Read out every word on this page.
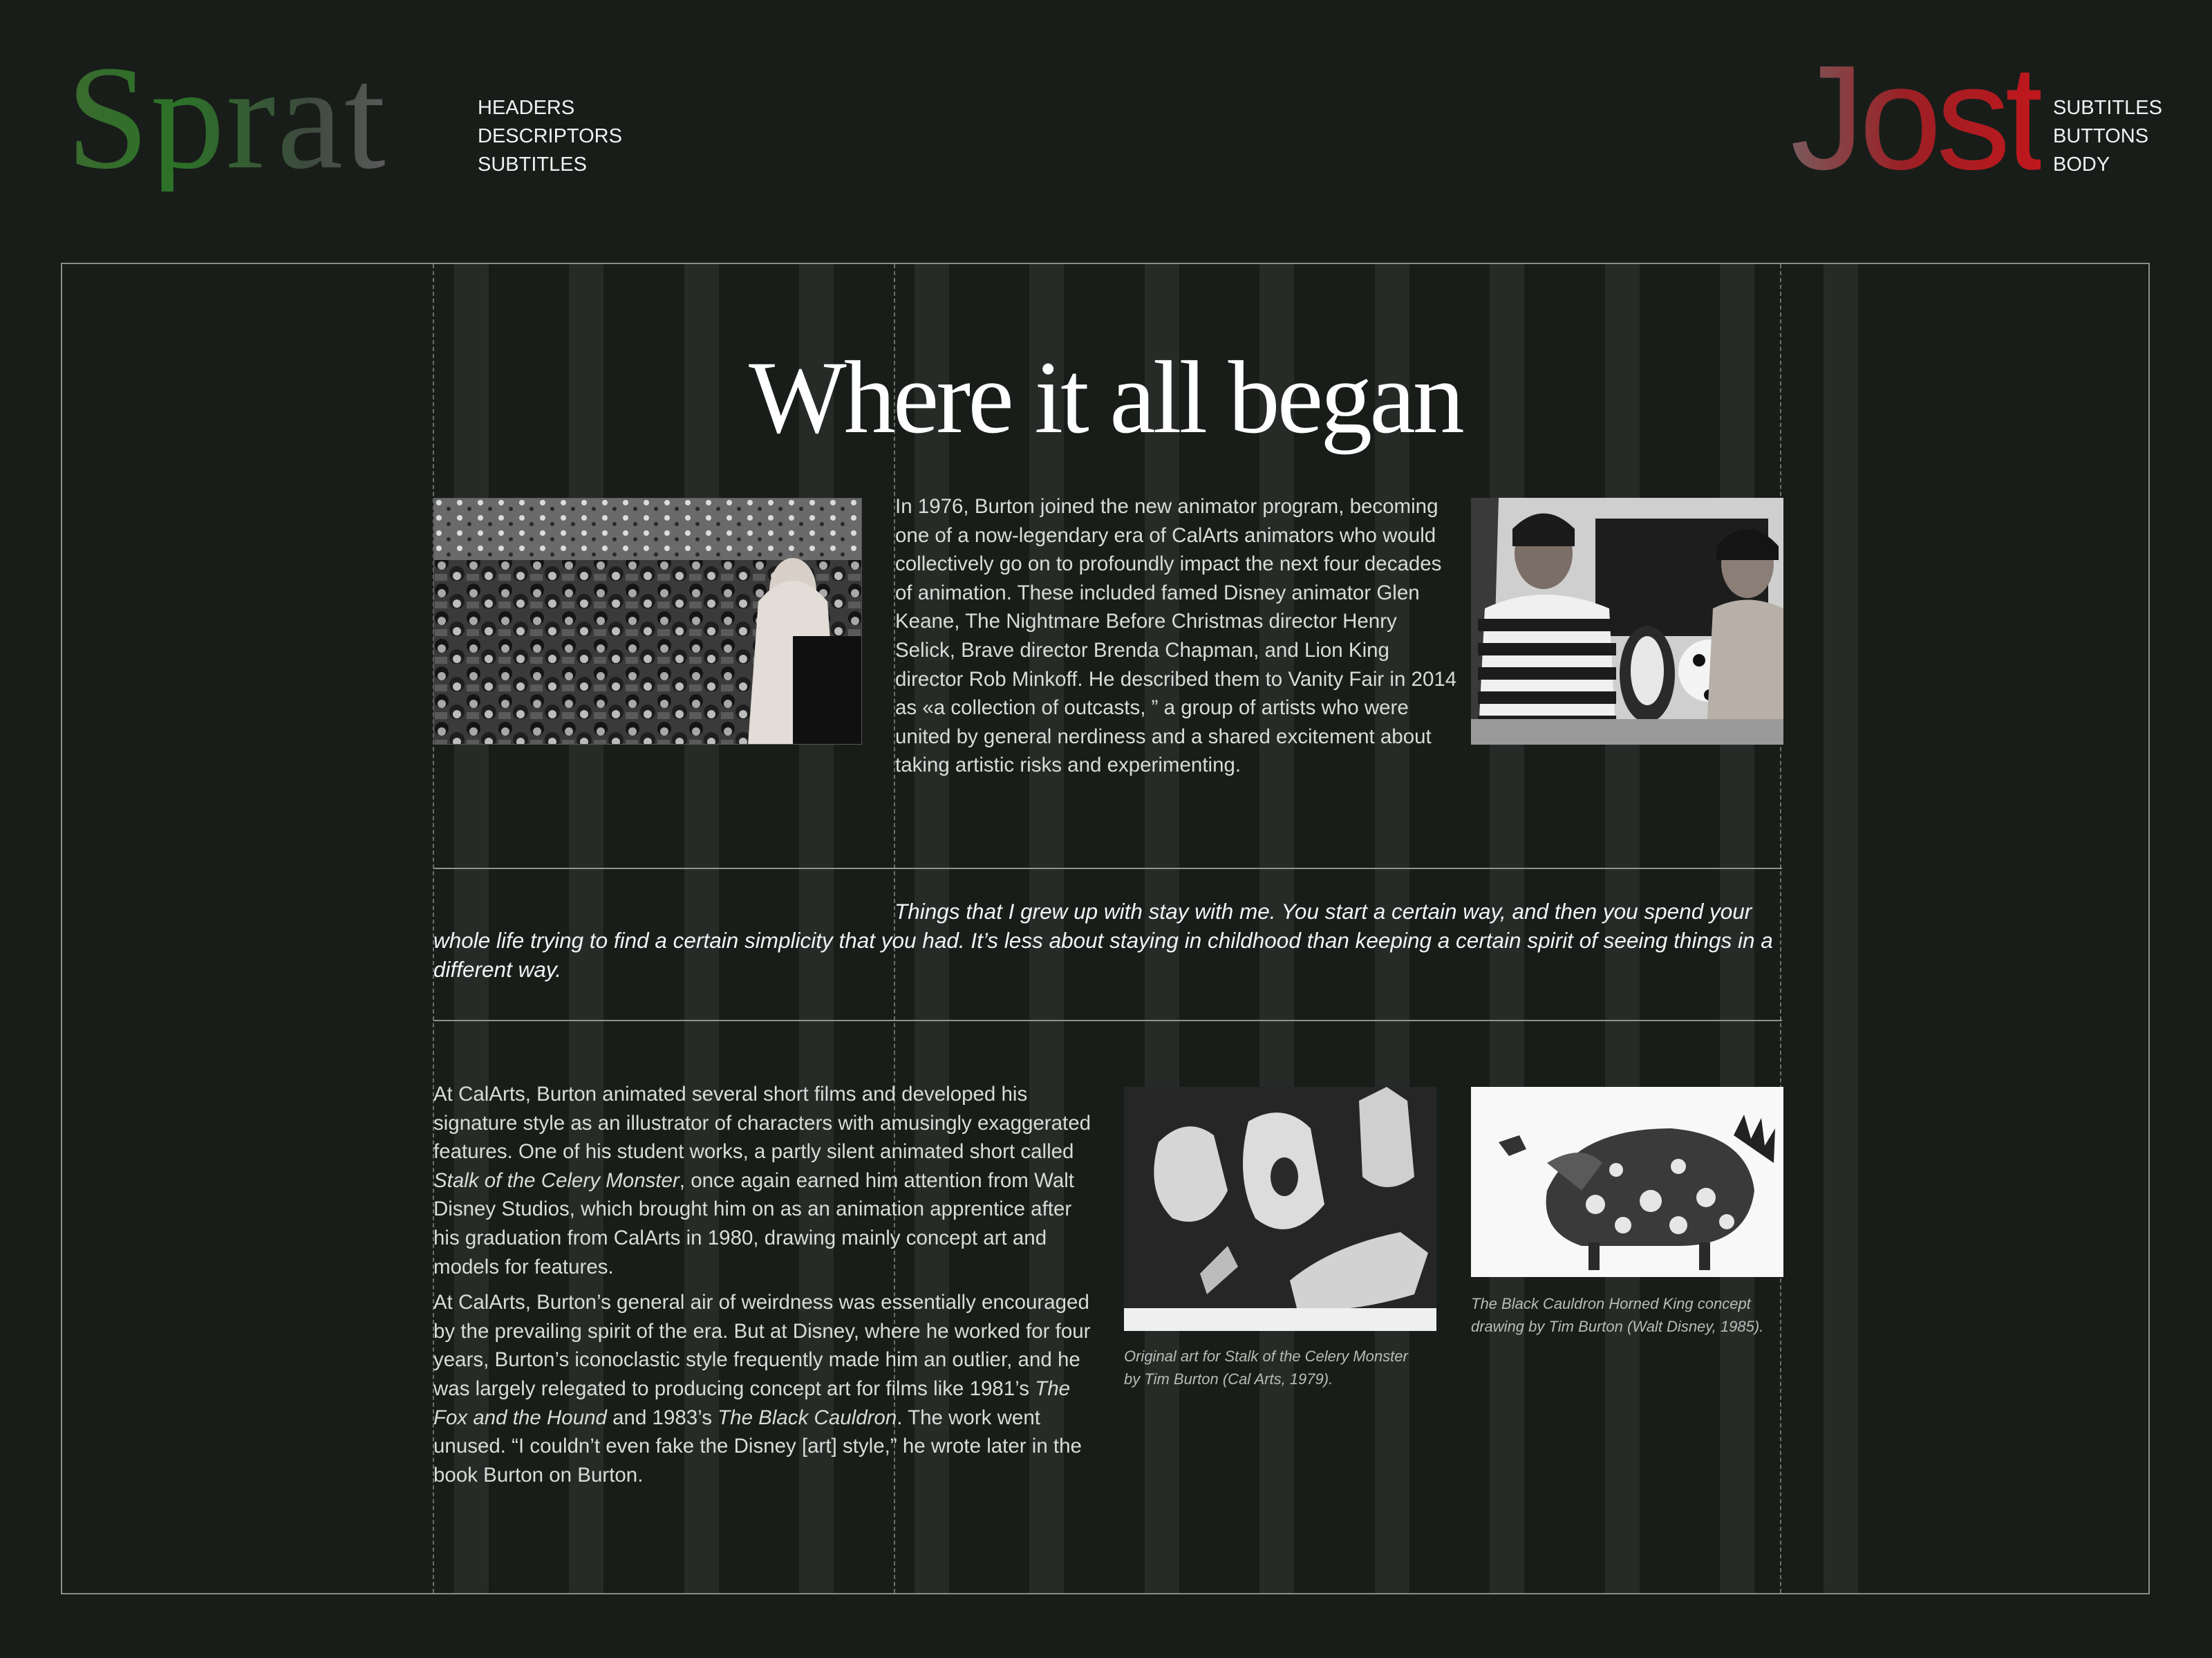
Sprat	HEADERS
DESCRIPTORS
SUBTITLES	Jost SUBTITLES
BUTTONS
BODY
Where it all began
In 1976, Burton joined the new animator program, becoming one of a now-legendary era of CalArts animators who would collectively go on to profoundly impact the next four decades of animation. These included famed Disney animator Glen Keane, The Nightmare Before Christmas director Henry Selick, Brave director Brenda Chapman, and Lion King director Rob Minkoff. He described them to Vanity Fair in 2014 as «a collection of outcasts, ” a group of artists who were united by general nerdiness and a shared excitement about taking artistic risks and experimenting.
Things that I grew up with stay with me. You start a certain way, and then you spend your whole life trying to find a certain simplicity that you had. It’s less about staying in childhood than keeping a certain spirit of seeing things in a different way.

At CalArts, Burton animated several short films and developed his signature style as an illustrator of characters with amusingly exaggerated features. One of his student works, a partly silent animated short called Stalk of the Celery Monster, once again earned him attention from Walt Disney Studios, which brought him on as an animation apprentice after his graduation from CalArts in 1980, drawing mainly concept art and models for features.

At CalArts, Burton’s general air of weirdness was essentially encouraged by the prevailing spirit of the era. But at Disney, where he worked for four years, Burton’s iconoclastic style frequently made him an outlier, and he was largely relegated to producing concept art for films like 1981’s The Fox and the Hound and 1983’s The Black Cauldron. The work went unused. “I couldn’t even fake the Disney [art] style,” he wrote later in the book Burton on Burton.

Original art for Stalk of the Celery Monster by Tim Burton (Cal Arts, 1979).
The Black Cauldron Horned King concept drawing by Tim Burton (Walt Disney, 1985).
